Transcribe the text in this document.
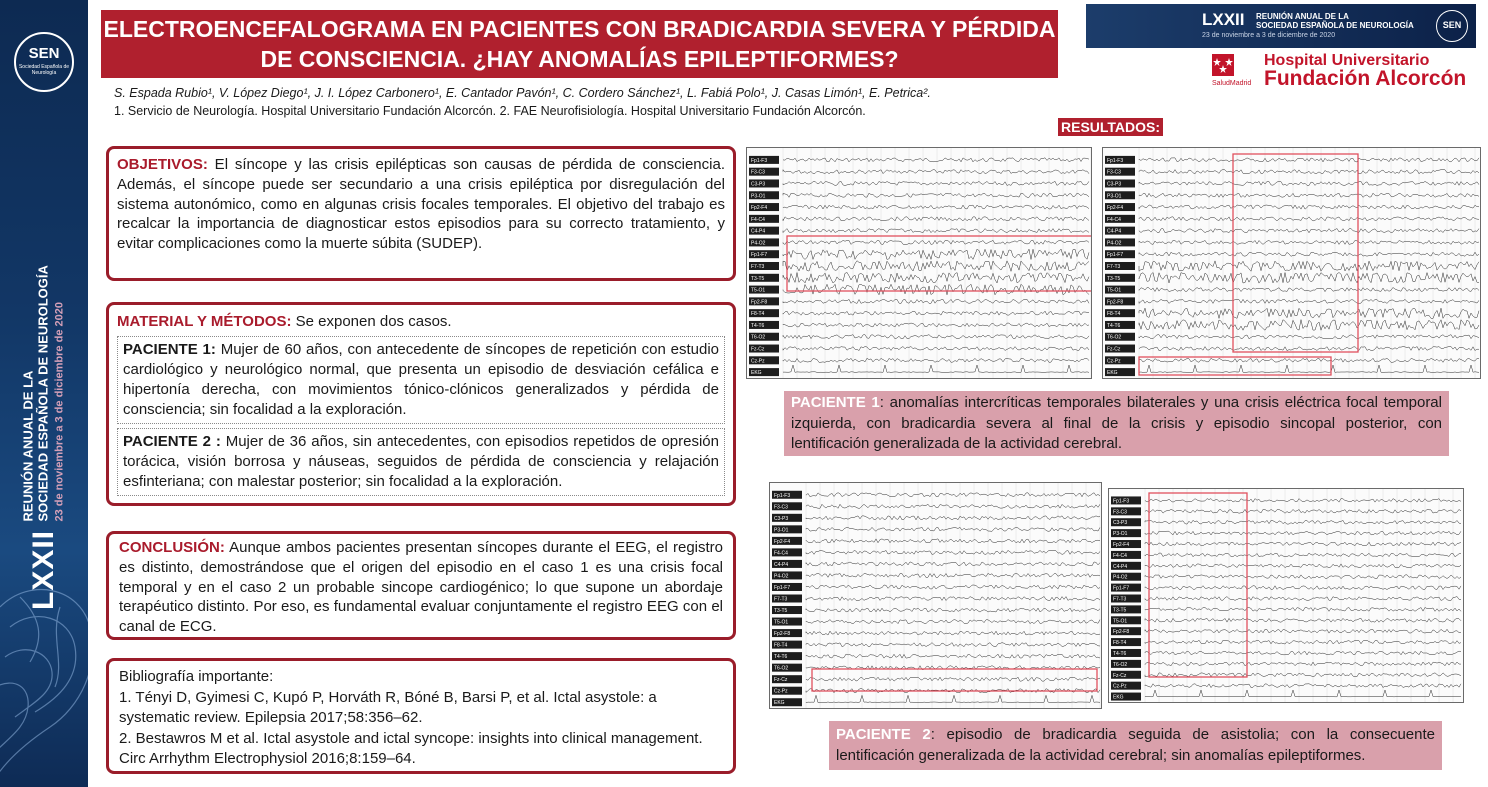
SEN
Sociedad Española de Neurología
LXXII REUNIÓN ANUAL DE LA
SOCIEDAD ESPAÑOLA DE NEUROLOGÍA 23 de noviembre a 3 de diciembre de 2020
ELECTROENCEFALOGRAMA EN PACIENTES CON BRADICARDIA SEVERA Y PÉRDIDA DE CONSCIENCIA. ¿HAY ANOMALÍAS EPILEPTIFORMES?
S. Espada Rubio¹, V. López Diego¹, J. I. López Carbonero¹, E. Cantador Pavón¹, C. Cordero Sánchez¹, L. Fabiá Polo¹, J. Casas Limón¹, E. Petrica².
1. Servicio de Neurología. Hospital Universitario Fundación Alcorcón. 2. FAE Neurofisiología. Hospital Universitario Fundación Alcorcón.
LXXII REUNIÓN ANUAL DE LA
SOCIEDAD ESPAÑOLA DE NEUROLOGÍA
23 de noviembre a 3 de diciembre de 2020
SEN
SaludMadrid
Hospital Universitario
Fundación Alcorcón
RESULTADOS:

OBJETIVOS: El síncope y las crisis epilépticas son causas de pérdida de consciencia. Además, el síncope puede ser secundario a una crisis epiléptica por disregulación del sistema autonómico, como en algunas crisis focales temporales. El objetivo del trabajo es recalcar la importancia de diagnosticar estos episodios para su correcto tratamiento, y evitar complicaciones como la muerte súbita (SUDEP).

MATERIAL Y MÉTODOS: Se exponen dos casos.

PACIENTE 1: Mujer de 60 años, con antecedente de síncopes de repetición con estudio cardiológico y neurológico normal, que presenta un episodio de desviación cefálica e hipertonía derecha, con movimientos tónico-clónicos generalizados y pérdida de consciencia; sin focalidad a la exploración.

PACIENTE 2 : Mujer de 36 años, sin antecedentes, con episodios repetidos de opresión torácica, visión borrosa y náuseas, seguidos de pérdida de consciencia y relajación esfinteriana; con malestar posterior; sin focalidad a la exploración.

CONCLUSIÓN: Aunque ambos pacientes presentan síncopes durante el EEG, el registro es distinto, demostrándose que el origen del episodio en el caso 1 es una crisis focal temporal y en el caso 2 un probable sincope cardiogénico; lo que supone un abordaje terapéutico distinto. Por eso, es fundamental evaluar conjuntamente el registro EEG con el canal de ECG.

Bibliografía importante:

1. Tényi D, Gyimesi C, Kupó P, Horváth R, Bóné B, Barsi P, et al. Ictal asystole: a systematic review. Epilepsia 2017;58:356–62.

2. Bestawros M et al. Ictal asystole and ictal syncope: insights into clinical management. Circ Arrhythm Electrophysiol 2016;8:159–64.

Fp1-F3
F3-C3
C3-P3
P3-O1
Fp2-F4
F4-C4
C4-P4
P4-O2
Fp1-F7
F7-T3
T3-T5
T5-O1
Fp2-F8
F8-T4
T4-T6
T6-O2
Fz-Cz
Cz-Pz
EKG
Fp1-F3
F3-C3
C3-P3
P3-O1
Fp2-F4
F4-C4
C4-P4
P4-O2
Fp1-F7
F7-T3
T3-T5
T5-O1
Fp2-F8
F8-T4
T4-T6
T6-O2
Fz-Cz
Cz-Pz
EKG
Fp1-F3
F3-C3
C3-P3
P3-O1
Fp2-F4
F4-C4
C4-P4
P4-O2
Fp1-F7
F7-T3
T3-T5
T5-O1
Fp2-F8
F8-T4
T4-T6
T6-O2
Fz-Cz
Cz-Pz
EKG
Fp1-F3
F3-C3
C3-P3
P3-O1
Fp2-F4
F4-C4
C4-P4
P4-O2
Fp1-F7
F7-T3
T3-T5
T5-O1
Fp2-F8
F8-T4
T4-T6
T6-O2
Fz-Cz
Cz-Pz
EKG
PACIENTE 1: anomalías intercríticas temporales bilaterales y una crisis eléctrica focal temporal izquierda, con bradicardia severa al final de la crisis y episodio sincopal posterior, con lentificación generalizada de la actividad cerebral.
PACIENTE 2: episodio de bradicardia seguida de asistolia; con la consecuente lentificación generalizada de la actividad cerebral; sin anomalías epileptiformes.
